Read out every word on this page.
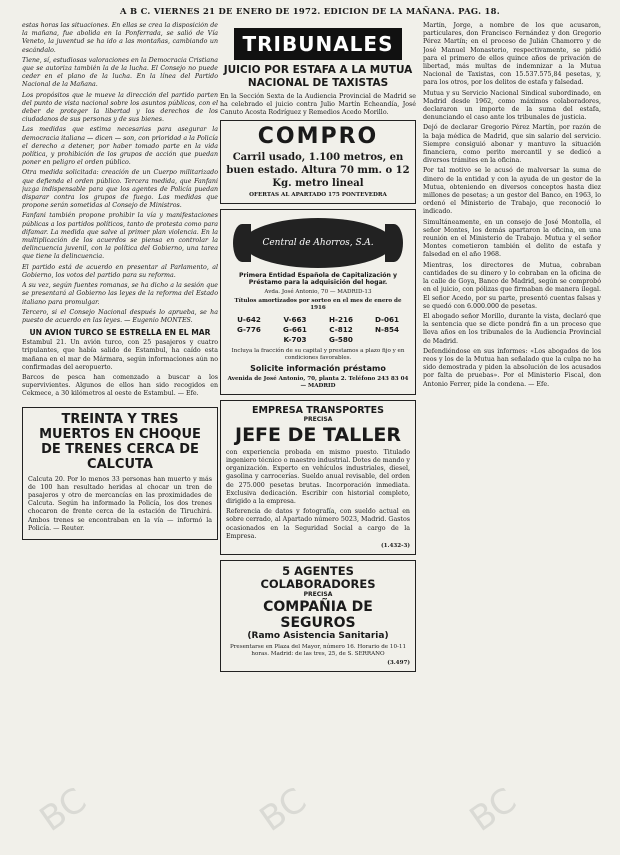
A B C. VIERNES 21 DE ENERO DE 1972. EDICION DE LA MAÑANA. PAG. 18.

estas horas las situaciones. En ellas se crea la disposición de la mañana, fue abolida en la Ponferrada, se salió de Vía Veneto, la juventud se ha ido a las montañas, cambiando un escándalo.

Tiene, sí, estudiosas valoraciones en la Democracia Cristiana que se autoriza también la de la lucha. El Consejo no puede ceder en el plano de la lucha. En la línea del Partido Nacional de la Mañana.

Los propósitos que le mueve la dirección del partido parten del punto de vista nacional sobre los asuntos públicos, con el deber de proteger la libertad y los derechos de los ciudadanos de sus personas y de sus bienes.

Las medidas que estima necesarias para asegurar la democracia italiana — dicen — son, con prioridad a la Policía el derecho a detener, por haber tomado parte en la vida política, y prohibición de los grupos de acción que puedan poner en peligro el orden público.

Otra medida solicitada: creación de un Cuerpo militarizado que defienda el orden público. Tercera medida, que Fanfani juzga indispensable para que los agentes de Policía puedan disparar contra los grupos de fuego. Las medidas que propone serán sometidas al Consejo de Ministros.

Fanfani también propone prohibir la vía y manifestaciones públicas a los partidos políticos, tanto de protesta como para difamar. La medida que salve al primer plan violencia. En la multiplicación de los acuerdos se piensa en controlar la delincuencia juvenil, con la política del Gobierno, una tarea que tiene la delincuencia.

El partido está de acuerdo en presentar al Parlamento, al Gobierno, los votos del partido para su reforma.

A su vez, según fuentes romanas, se ha dicho a la sesión que se presentará al Gobierno las leyes de la reforma del Estado italiano para promulgar.

Tercero, si el Consejo Nacional después lo aprueba, se ha puesto de acuerdo en las leyes. — Eugenio MONTES.

UN AVION TURCO SE ESTRELLA EN EL MAR

Estambul 21. Un avión turco, con 25 pasajeros y cuatro tripulantes, que había salido de Estambul, ha caído esta mañana en el mar de Mármara, según informaciones aún no confirmadas del aeropuerto.

Barcos de pesca han comenzado a buscar a los supervivientes. Algunos de ellos han sido recogidos en Cekmece, a 30 kilómetros al oeste de Estambul. — Efe.

TREINTA Y TRES MUERTOS EN CHOQUE DE TRENES CERCA DE CALCUTA

Calcuta 20. Por lo menos 33 personas han muerto y más de 100 han resultado heridas al chocar un tren de pasajeros y otro de mercancías en las proximidades de Calcuta. Según ha informado la Policía, los dos trenes chocaron de frente cerca de la estación de Tiruchirá. Ambos trenes se encontraban en la vía — informó la Policía. — Reuter.

TRIBUNALES
JUICIO POR ESTAFA A LA MUTUA NACIONAL DE TAXISTAS

En la Sección Sexta de la Audiencia Provincial de Madrid se ha celebrado el juicio contra Julio Martín Echeandía, José Canuto Acosta Rodríguez y Remedios Acedo Morillo.

COMPRO
Carril usado, 1.100 metros, en buen estado. Altura 70 mm. o 12 Kg. metro lineal
OFERTAS AL APARTADO 175 PONTEVEDRA
Central de Ahorros, S.A.

Primera Entidad Española de Capitalización y Préstamo para la adquisición del hogar.

Avda. José Antonio, 70 — MADRID-13
Títulos amortizados por sorteo en el mes de enero de 1916
U-642	V-663	H-216	D-061
G-776	G-661	C-812	N-854
K-703	G-580

Incluya la fracción de su capital y prestamos a plazo fijo y en condiciones favorables.

Solicite información préstamo
Avenida de José Antonio, 70, planta 2. Teléfono 243 83 04 — MADRID
EMPRESA TRANSPORTES
PRECISA
JEFE DE TALLER

con experiencia probada en mismo puesto. Titulado ingeniero técnico o maestro industrial. Dotes de mando y organización. Experto en vehículos industriales, diesel, gasolina y carrocerías. Sueldo anual revisable, del orden de 275.000 pesetas brutas. Incorporación inmediata. Exclusiva dedicación. Escribir con historial completo, dirigido a la empresa.

Referencia de datos y fotografía, con sueldo actual en sobre cerrado, al Apartado número 5023, Madrid. Gastos ocasionados en la Seguridad Social a cargo de la Empresa.

(1.432-3)
5 AGENTES COLABORADORES
PRECISA
COMPAÑIA DE SEGUROS
(Ramo Asistencia Sanitaria)

Presentarse en Plaza del Mayor, número 16. Horario de 10-11 horas. Madrid: de las tres, 25, de S. SERRANO

(3.497)

Martín, Jorge, a nombre de los que acusaron, particulares, don Francisco Fernández y don Gregorio Pérez Martín; en el proceso de Julián Chamorro y de José Manuel Monasterio, respectivamente, se pidió para el primero de ellos quince años de privación de libertad, más multas de indemnizar a la Mutua Nacional de Taxistas, con 15.537.575,84 pesetas, y, para los otros, por los delitos de estafa y falsedad.

Mutua y su Servicio Nacional Sindical subordinado, en Madrid desde 1962, como máximos colaboradores, declararon un importe de la suma del estafa, denunciando el caso ante los tribunales de justicia.

Dejó de declarar Gregorio Pérez Martín, por razón de la baja médica de Madrid, que sin salario del servicio. Siempre consiguió abonar y mantuvo la situación financiera, como perito mercantil y se dedicó a diversos trámites en la oficina.

Por tal motivo se le acusó de malversar la suma de dinero de la entidad y con la ayuda de un gestor de la Mutua, obteniendo en diversos conceptos hasta diez millones de pesetas; a un gestor del Banco, en 1963, lo ordenó el Ministerio de Trabajo, que reconoció lo indicado.

Simultáneamente, en un consejo de José Montolla, el señor Montes, los demás apartaron la oficina, en una reunión en el Ministerio de Trabajo. Mutua y el señor Montes cometieron también el delito de estafa y falsedad en el año 1968.

Mientras, los directores de Mutua, cobraban cantidades de su dinero y lo cobraban en la oficina de la calle de Goya, Banco de Madrid, según se comprobó en el juicio, con pólizas que firmaban de manera ilegal. El señor Acedo, por su parte, presentó cuentas falsas y se quedó con 6.000.000 de pesetas.

El abogado señor Morillo, durante la vista, declaró que la sentencia que se dicte pondrá fin a un proceso que lleva años en los tribunales de la Audiencia Provincial de Madrid.

Defendiéndose en sus informes: «Los abogados de los reos y los de la Mutua han señalado que la culpa no ha sido demostrada y piden la absolución de los acusados por falta de pruebas». Por el Ministerio Fiscal, don Antonio Ferrer, pide la condena. — Efe.

BC	BC	BC
